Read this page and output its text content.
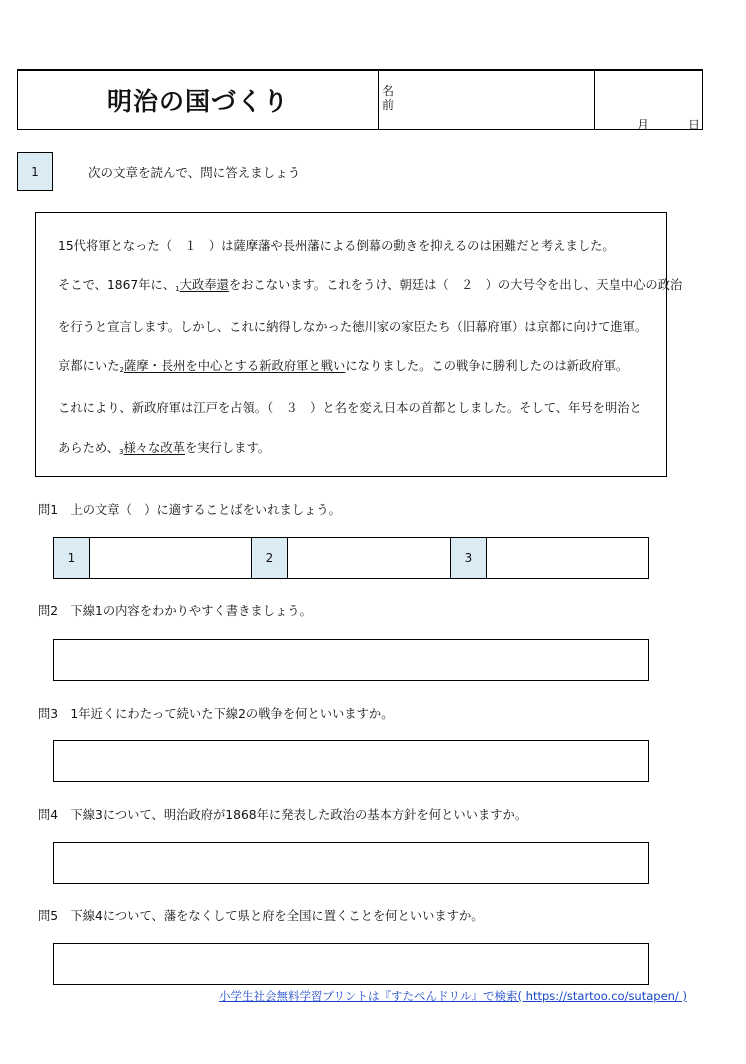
明治の国づくり	名前
月	日
1	次の文章を読んで、問に答えましょう
15代将軍となった（　１　）は薩摩藩や長州藩による倒幕の動きを抑えるのは困難だと考えました。
そこで、1867年に、$_1$大政奉還をおこないます。これをうけ、朝廷は（　２　）の大号令を出し、天皇中心の政治
を行うと宣言します。しかし、これに納得しなかった徳川家の家臣たち（旧幕府軍）は京都に向けて進軍。
京都にいた$_2$薩摩・長州を中心とする新政府軍と戦いになりました。この戦争に勝利したのは新政府軍。
これにより、新政府軍は江戸を占領。（　３　）と名を変え日本の首都としました。そして、年号を明治と
あらため、$_3$様々な改革を実行します。
問1　上の文章（　）に適することばをいれましょう。
1	2	3
問2　下線1の内容をわかりやすく書きましょう。
問3　1年近くにわたって続いた下線2の戦争を何といいますか。
問4　下線3について、明治政府が1868年に発表した政治の基本方針を何といいますか。
問5　下線4について、藩をなくして県と府を全国に置くことを何といいますか。
小学生社会無料学習プリントは『すたぺんドリル』で検索( https://startoo.co/sutapen/ )
